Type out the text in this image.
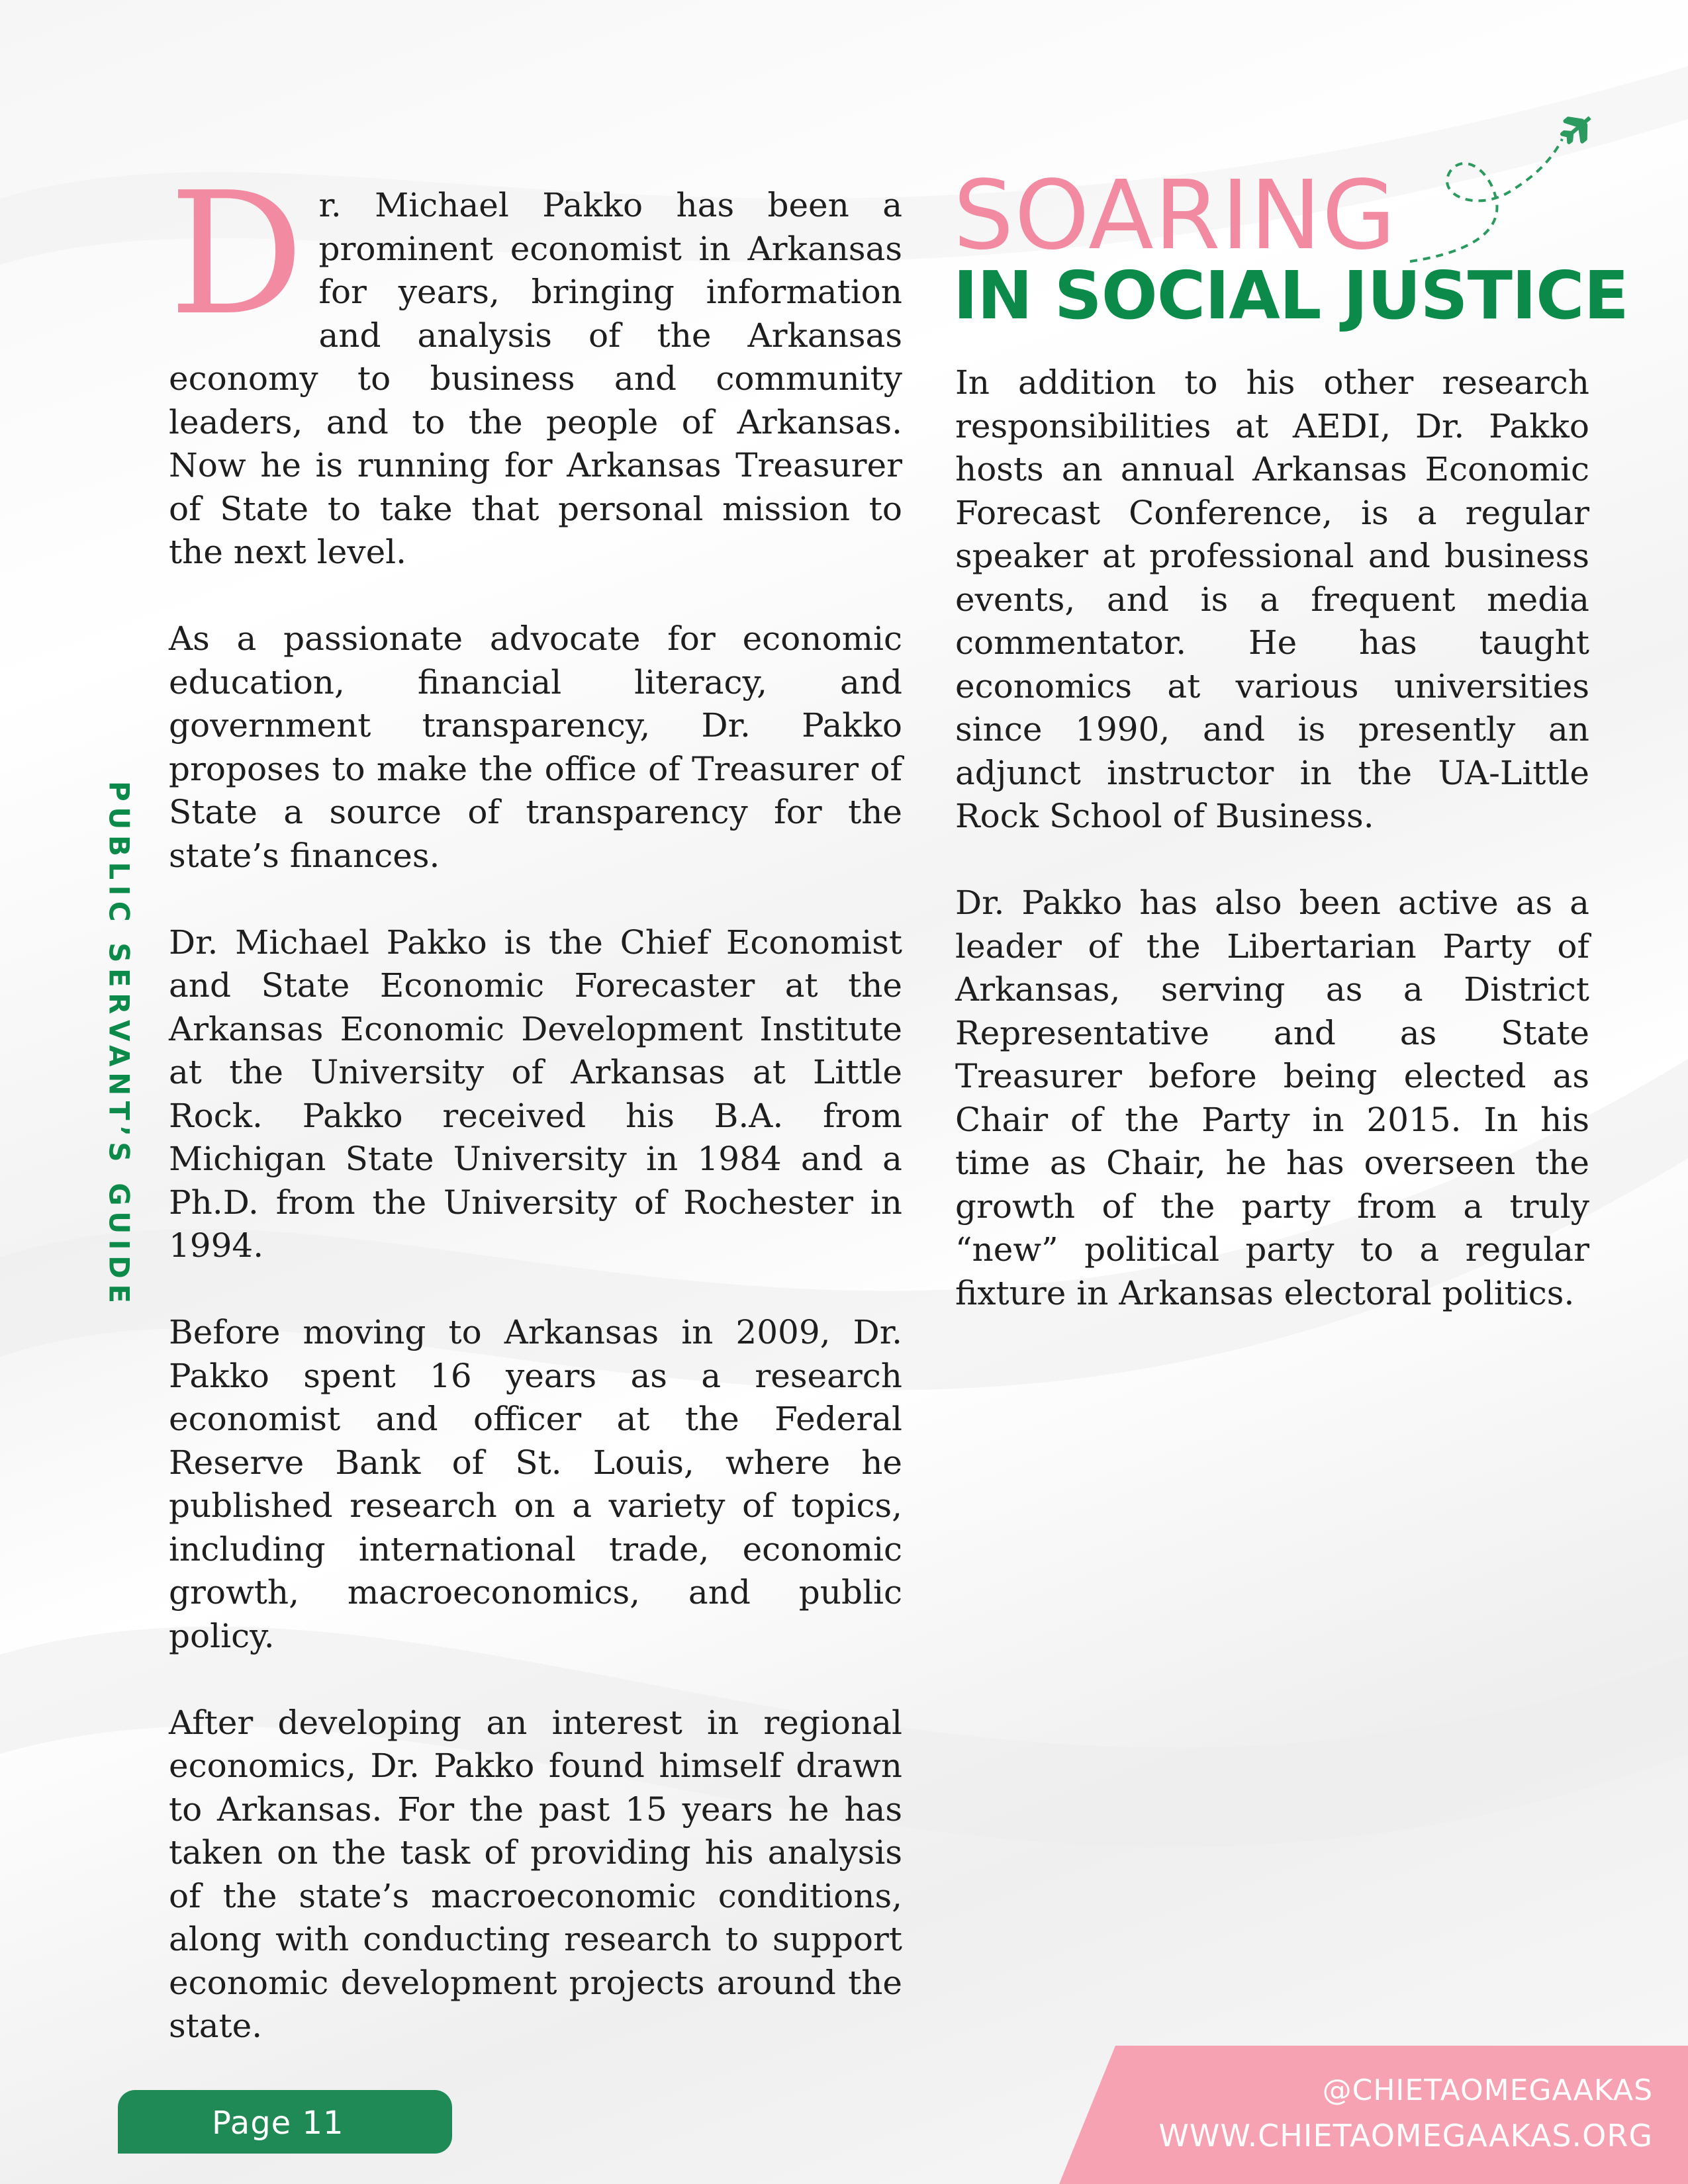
PUBLIC SERVANT’S GUIDE

Dr. Michael Pakko has been a prominent economist in Arkansas for years, bringing information and analysis of the Arkansas economy to business and community leaders, and to the people of Arkansas. Now he is running for Arkansas Treasurer of State to take that personal mission to the next level.

As a passionate advocate for economic education, financial literacy, and government transparency, Dr. Pakko proposes to make the office of Treasurer of State a source of transparency for the state’s finances.

Dr. Michael Pakko is the Chief Economist and State Economic Forecaster at the Arkansas Economic Development Institute at the University of Arkansas at Little Rock. Pakko received his B.A. from Michigan State University in 1984 and a Ph.D. from the University of Rochester in 1994.

Before moving to Arkansas in 2009, Dr. Pakko spent 16 years as a research economist and officer at the Federal Reserve Bank of St. Louis, where he published research on a variety of topics, including international trade, economic growth, macroeconomics, and public policy.

After developing an interest in regional economics, Dr. Pakko found himself drawn to Arkansas. For the past 15 years he has taken on the task of providing his analysis of the state’s macroeconomic conditions, along with conducting research to support economic development projects around the state.

SOARING
IN SOCIAL JUSTICE

In addition to his other research responsibilities at AEDI, Dr. Pakko hosts an annual Arkansas Economic Forecast Conference, is a regular speaker at professional and business events, and is a frequent media commentator. He has taught economics at various universities since 1990, and is presently an adjunct instructor in the UA-Little Rock School of Business.

Dr. Pakko has also been active as a leader of the Libertarian Party of Arkansas, serving as a District Representative and as State Treasurer before being elected as Chair of the Party in 2015. In his time as Chair, he has overseen the growth of the party from a truly “new” political party to a regular fixture in Arkansas electoral politics.

Page 11
@CHIETAOMEGAAKAS
WWW.CHIETAOMEGAAKAS.ORG
